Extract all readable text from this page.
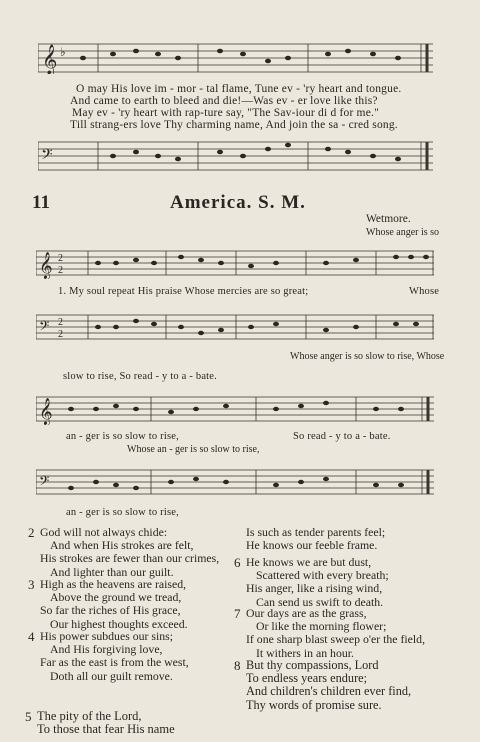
𝄞 ♭
O may His love im - mor - tal flame, Tune ev - 'ry heart and tongue.
And came to earth to bleed and die!—Was ev - er love like this?
May ev - 'ry heart with rap-ture say, "The Sav-iour di d for me."
Till strang-ers love Thy charming name, And join the sa - cred song.
𝄢
11	America. S. M.
Wetmore.
Whose anger is so
𝄞 2
2
1. My soul repeat His praise Whose mercies are so great;	Whose
𝄢 2
2
Whose anger is so slow to rise, Whose
slow to rise, So read - y to a - bate.
𝄞
an - ger is so slow to rise,	So read - y to a - bate.
Whose an - ger is so slow to rise,
𝄢
an - ger is so slow to rise,
2 God will not always chide:
And when His strokes are felt,
His strokes are fewer than our crimes,
And lighter than our guilt.
3 High as the heavens are raised,
Above the ground we tread,
So far the riches of His grace,
Our highest thoughts exceed.
4 His power subdues our sins;
And His forgiving love,
Far as the east is from the west,
Doth all our guilt remove.
5 The pity of the Lord,
To those that fear His name
Is such as tender parents feel;
He knows our feeble frame.
6 He knows we are but dust,
Scattered with every breath;
His anger, like a rising wind,
Can send us swift to death.
7 Our days are as the grass,
Or like the morning flower;
If one sharp blast sweep o'er the field,
It withers in an hour.
8 But thy compassions, Lord
To endless years endure;
And children's children ever find,
Thy words of promise sure.
